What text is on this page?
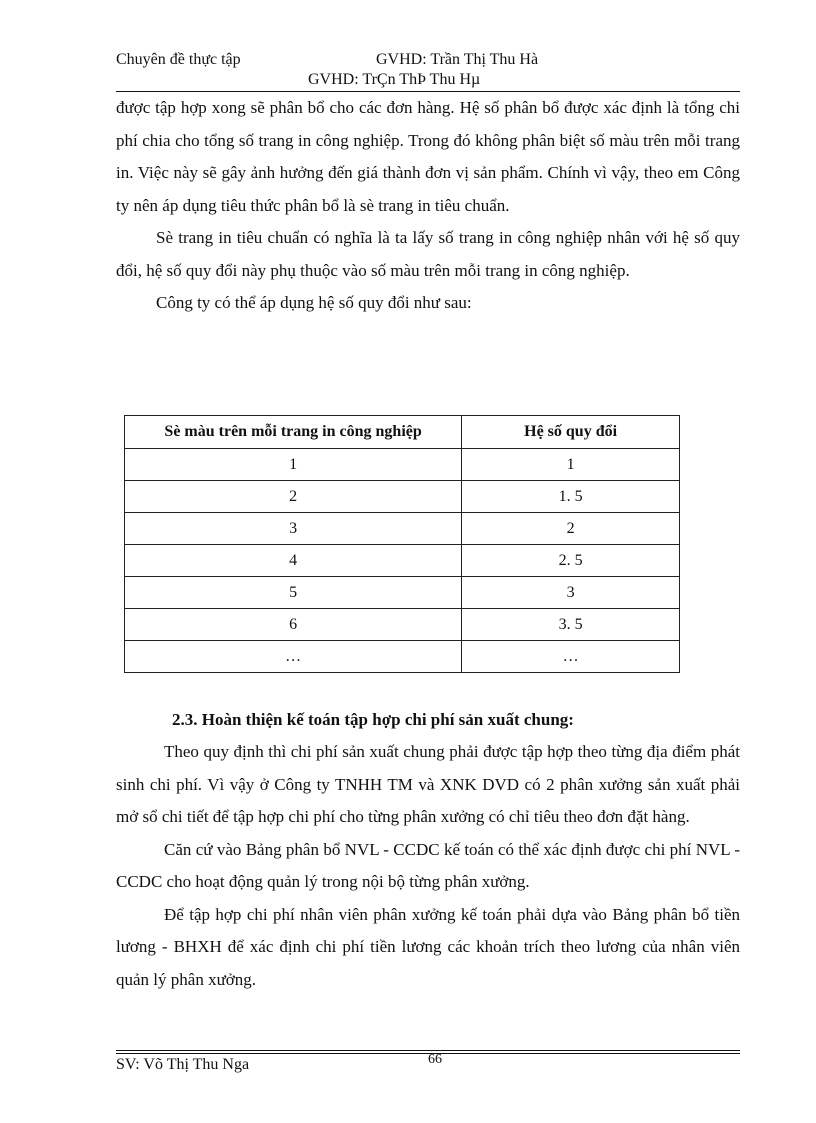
Chuyên đề thực tập	GVHD: Trần Thị Thu Hà
GVHD: TrÇn ThÞ Thu Hµ

được tập hợp xong sẽ phân bổ cho các đơn hàng. Hệ số phân bổ được xác định là tổng chi phí chia cho tổng số trang in công nghiệp. Trong đó không phân biệt số màu trên mỗi trang in. Việc này sẽ gây ảnh hưởng đến giá thành đơn vị sản phẩm. Chính vì vậy, theo em Công ty nên áp dụng tiêu thức phân bổ là sè trang in tiêu chuẩn.

Sè trang in tiêu chuẩn có nghĩa là ta lấy số trang in công nghiệp nhân với hệ số quy đổi, hệ số quy đổi này phụ thuộc vào số màu trên mỗi trang in công nghiệp.

Công ty có thể áp dụng hệ số quy đổi như sau:

Sè màu trên mỗi trang in công nghiệp	Hệ số quy đổi
1	1
2	1. 5
3	2
4	2. 5
5	3
6	3. 5
…	…
2.3. Hoàn thiện kế toán tập hợp chi phí sản xuất chung:

Theo quy định thì chi phí sản xuất chung phải được tập hợp theo từng địa điểm phát sinh chi phí. Vì vậy ở Công ty TNHH TM và XNK DVD có 2 phân xưởng sản xuất phải mở sổ chi tiết để tập hợp chi phí cho từng phân xưởng có chỉ tiêu theo đơn đặt hàng.

Căn cứ vào Bảng phân bổ NVL - CCDC kế toán có thể xác định được chi phí NVL - CCDC cho hoạt động quản lý trong nội bộ từng phân xưởng.

Để tập hợp chi phí nhân viên phân xưởng kế toán phải dựa vào Bảng phân bổ tiền lương - BHXH để xác định chi phí tiền lương các khoản trích theo lương của nhân viên quản lý phân xưởng.

SV: Võ Thị Thu Nga	66
